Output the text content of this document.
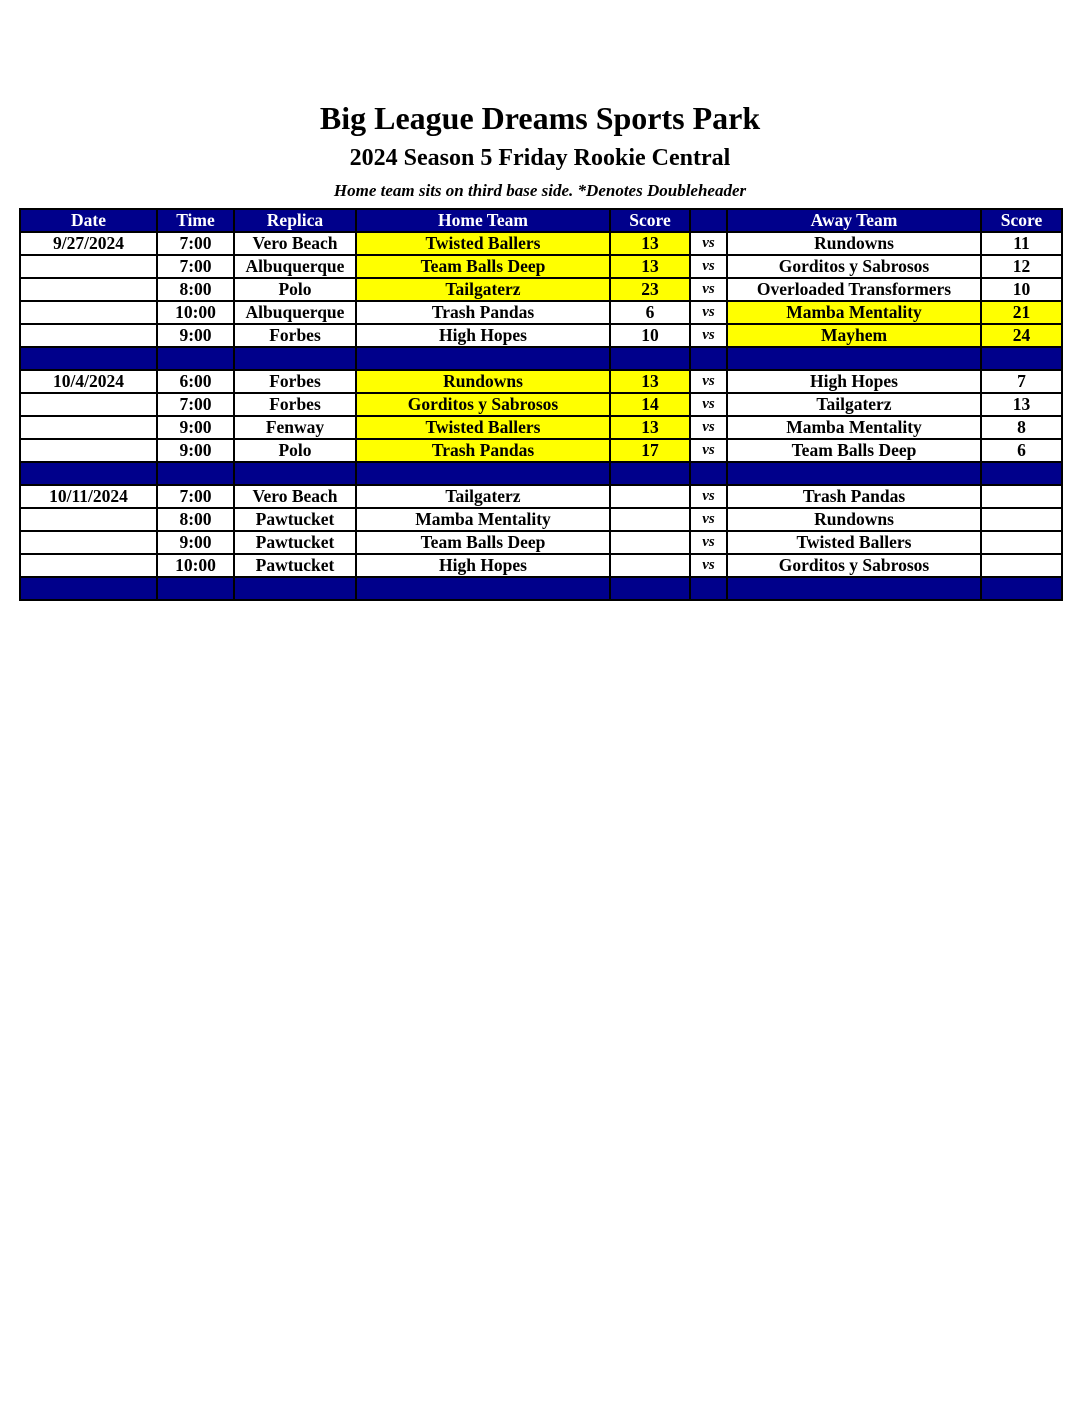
Big League Dreams Sports Park
2024 Season 5 Friday Rookie Central
Home team sits on third base side. *Denotes Doubleheader
Date	Time	Replica	Home Team	Score		Away Team	Score
9/27/2024	7:00	Vero Beach	Twisted Ballers	13	vs	Rundowns	11
	7:00	Albuquerque	Team Balls Deep	13	vs	Gorditos y Sabrosos	12
	8:00	Polo	Tailgaterz	23	vs	Overloaded Transformers	10
	10:00	Albuquerque	Trash Pandas	6	vs	Mamba Mentality	21
	9:00	Forbes	High Hopes	10	vs	Mayhem	24

10/4/2024	6:00	Forbes	Rundowns	13	vs	High Hopes	7
	7:00	Forbes	Gorditos y Sabrosos	14	vs	Tailgaterz	13
	9:00	Fenway	Twisted Ballers	13	vs	Mamba Mentality	8
	9:00	Polo	Trash Pandas	17	vs	Team Balls Deep	6

10/11/2024	7:00	Vero Beach	Tailgaterz		vs	Trash Pandas	
	8:00	Pawtucket	Mamba Mentality		vs	Rundowns	
	9:00	Pawtucket	Team Balls Deep		vs	Twisted Ballers	
	10:00	Pawtucket	High Hopes		vs	Gorditos y Sabrosos	
